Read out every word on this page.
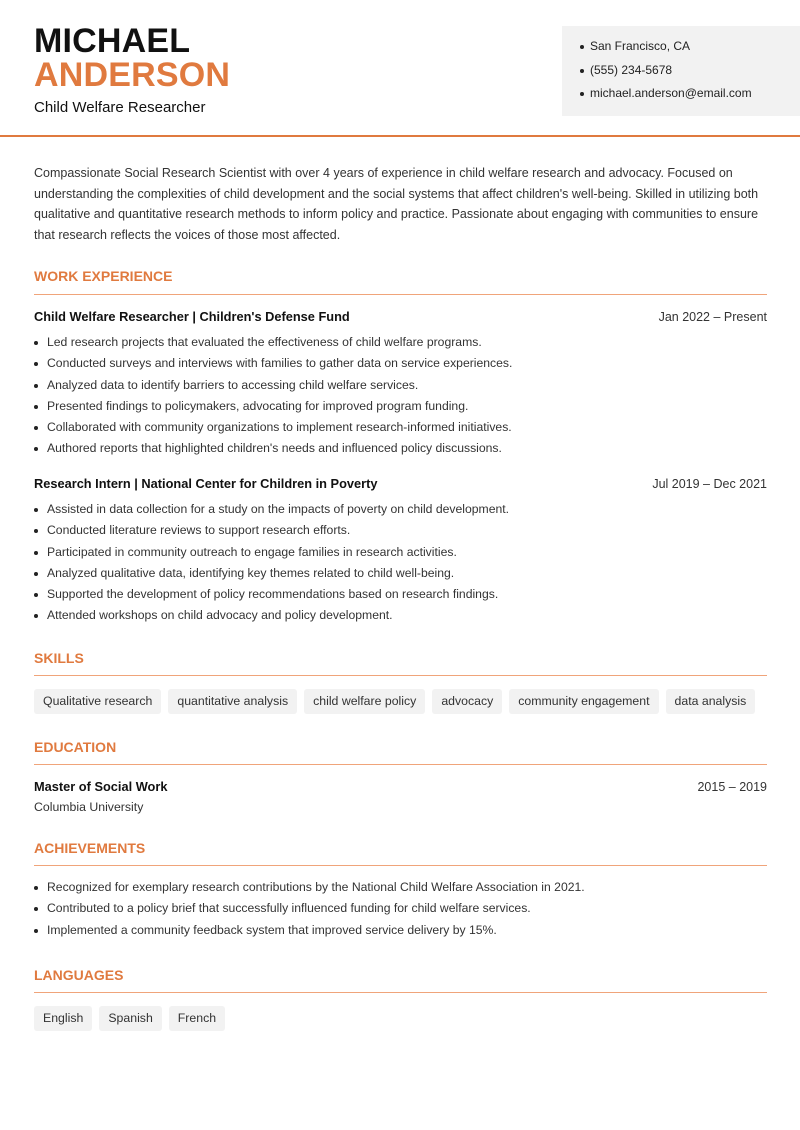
MICHAEL
ANDERSON
Child Welfare Researcher
San Francisco, CA
(555) 234-5678
michael.anderson@email.com

Compassionate Social Research Scientist with over 4 years of experience in child welfare research and advocacy. Focused on understanding the complexities of child development and the social systems that affect children's well-being. Skilled in utilizing both qualitative and quantitative research methods to inform policy and practice. Passionate about engaging with communities to ensure that research reflects the voices of those most affected.

WORK EXPERIENCE
Child Welfare Researcher | Children's Defense Fund	Jan 2022 – Present
Led research projects that evaluated the effectiveness of child welfare programs.
Conducted surveys and interviews with families to gather data on service experiences.
Analyzed data to identify barriers to accessing child welfare services.
Presented findings to policymakers, advocating for improved program funding.
Collaborated with community organizations to implement research-informed initiatives.
Authored reports that highlighted children's needs and influenced policy discussions.
Research Intern | National Center for Children in Poverty	Jul 2019 – Dec 2021
Assisted in data collection for a study on the impacts of poverty on child development.
Conducted literature reviews to support research efforts.
Participated in community outreach to engage families in research activities.
Analyzed qualitative data, identifying key themes related to child well-being.
Supported the development of policy recommendations based on research findings.
Attended workshops on child advocacy and policy development.
SKILLS
Qualitative research	quantitative analysis	child welfare policy	advocacy	community engagement	data analysis
EDUCATION
Master of Social Work	2015 – 2019
Columbia University
ACHIEVEMENTS
Recognized for exemplary research contributions by the National Child Welfare Association in 2021.
Contributed to a policy brief that successfully influenced funding for child welfare services.
Implemented a community feedback system that improved service delivery by 15%.
LANGUAGES
English	Spanish	French
